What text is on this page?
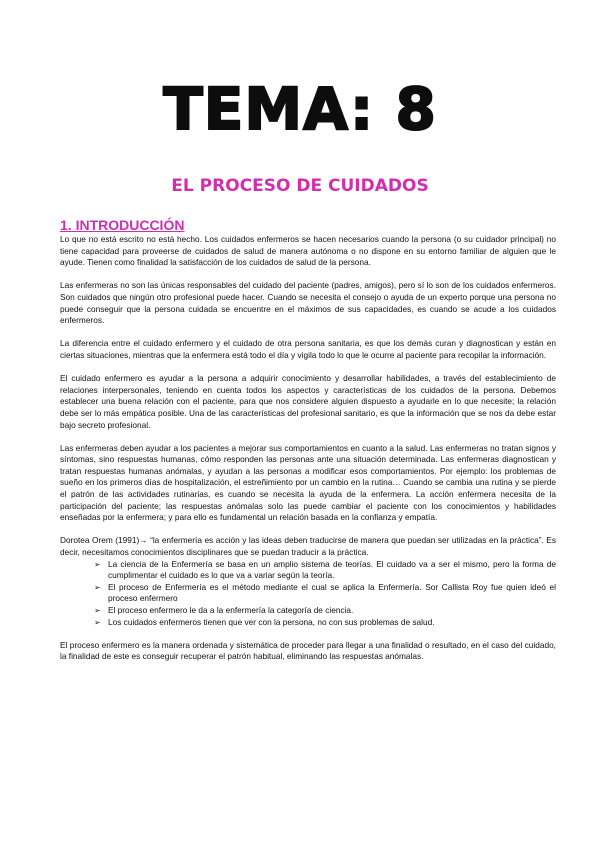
TEMA: 8
EL PROCESO DE CUIDADOS
1. INTRODUCCIÓN

Lo que no está escrito no está hecho. Los cuidados enfermeros se hacen necesarios cuando la persona (o su cuidador principal) no tiene capacidad para proveerse de cuidados de salud de manera autónoma o no dispone en su entorno familiar de alguien que le ayude. Tienen como finalidad la satisfacción de los cuidados de salud de la persona.

Las enfermeras no son las únicas responsables del cuidado del paciente (padres, amigos), pero sí lo son de los cuidados enfermeros. Son cuidados que ningún otro profesional puede hacer. Cuando se necesita el consejo o ayuda de un experto porque una persona no puede conseguir que la persona cuidada se encuentre en el máximos de sus capacidades, es cuando se acude a los cuidados enfermeros.

La diferencia entre el cuidado enfermero y el cuidado de otra persona sanitaria, es que los demás curan y diagnostican y están en ciertas situaciones, mientras que la enfermera está todo el día y vigila todo lo que le ocurre al paciente para recopilar la información.

El cuidado enfermero es ayudar a la persona a adquirir conocimiento y desarrollar habilidades, a través del establecimiento de relaciones interpersonales, teniendo en cuenta todos los aspectos y características de los cuidados de la persona. Debemos establecer una buena relación con el paciente, para que nos considere alguien dispuesto a ayudarle en lo que necesite; la relación debe ser lo más empática posible. Una de las características del profesional sanitario, es que la información que se nos da debe estar bajo secreto profesional.

Las enfermeras deben ayudar a los pacientes a mejorar sus comportamientos en cuanto a la salud. Las enfermeras no tratan signos y síntomas, sino respuestas humanas, cómo responden las personas ante una situación determinada. Las enfermeras diagnostican y tratan respuestas humanas anómalas, y ayudan a las personas a modificar esos comportamientos. Por ejemplo: los problemas de sueño en los primeros días de hospitalización, el estreñimiento por un cambio en la rutina… Cuando se cambia una rutina y se pierde el patrón de las actividades rutinarias, es cuando se necesita la ayuda de la enfermera. La acción enfermera necesita de la participación del paciente; las respuestas anómalas solo las puede cambiar el paciente con los conocimientos y habilidades enseñadas por la enfermera; y para ello es fundamental un relación basada en la confianza y empatía.

Dorotea Orem (1991)→ “la enfermería es acción y las ideas deben traducirse de manera que puedan ser utilizadas en la práctica”. Es decir, necesitamos conocimientos disciplinares que se puedan traducir a la práctica.

➢ La ciencia de la Enfermería se basa en un amplio sistema de teorías. El cuidado va a ser el mismo, pero la forma de cumplimentar el cuidado es lo que va a variar según la teoría.
➢ El proceso de Enfermería es el método mediante el cual se aplica la Enfermería. Sor Callista Roy fue quien ideó el proceso enfermero
➢ El proceso enfermero le da a la enfermería la categoría de ciencia.
➢ Los cuidados enfermeros tienen que ver con la persona, no con sus problemas de salud.

El proceso enfermero es la manera ordenada y sistemática de proceder para llegar a una finalidad o resultado, en el caso del cuidado, la finalidad de este es conseguir recuperar el patrón habitual, eliminando las respuestas anómalas.
